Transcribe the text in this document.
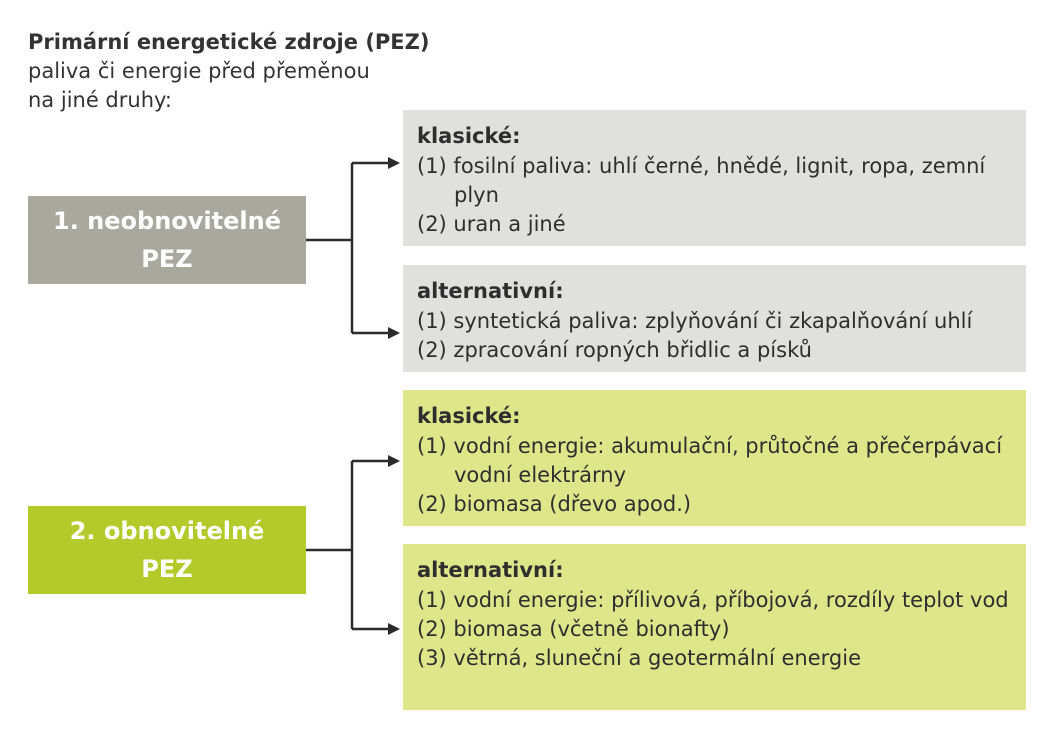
Primární energetické zdroje (PEZ)
paliva či energie před přeměnou
na jiné druhy:
1. neobnovitelné
PEZ
2. obnovitelné
PEZ
klasické:
(1) fosilní paliva: uhlí černé, hnědé, lignit, ropa, zemní plyn
(2) uran a jiné
alternativní:
(1) syntetická paliva: zplyňování či zkapalňování uhlí
(2) zpracování ropných břidlic a písků
klasické:
(1) vodní energie: akumulační, průtočné a přečerpávací vodní elektrárny
(2) biomasa (dřevo apod.)
alternativní:
(1) vodní energie: přílivová, příbojová, rozdíly teplot vod
(2) biomasa (včetně bionafty)
(3) větrná, sluneční a geotermální energie
